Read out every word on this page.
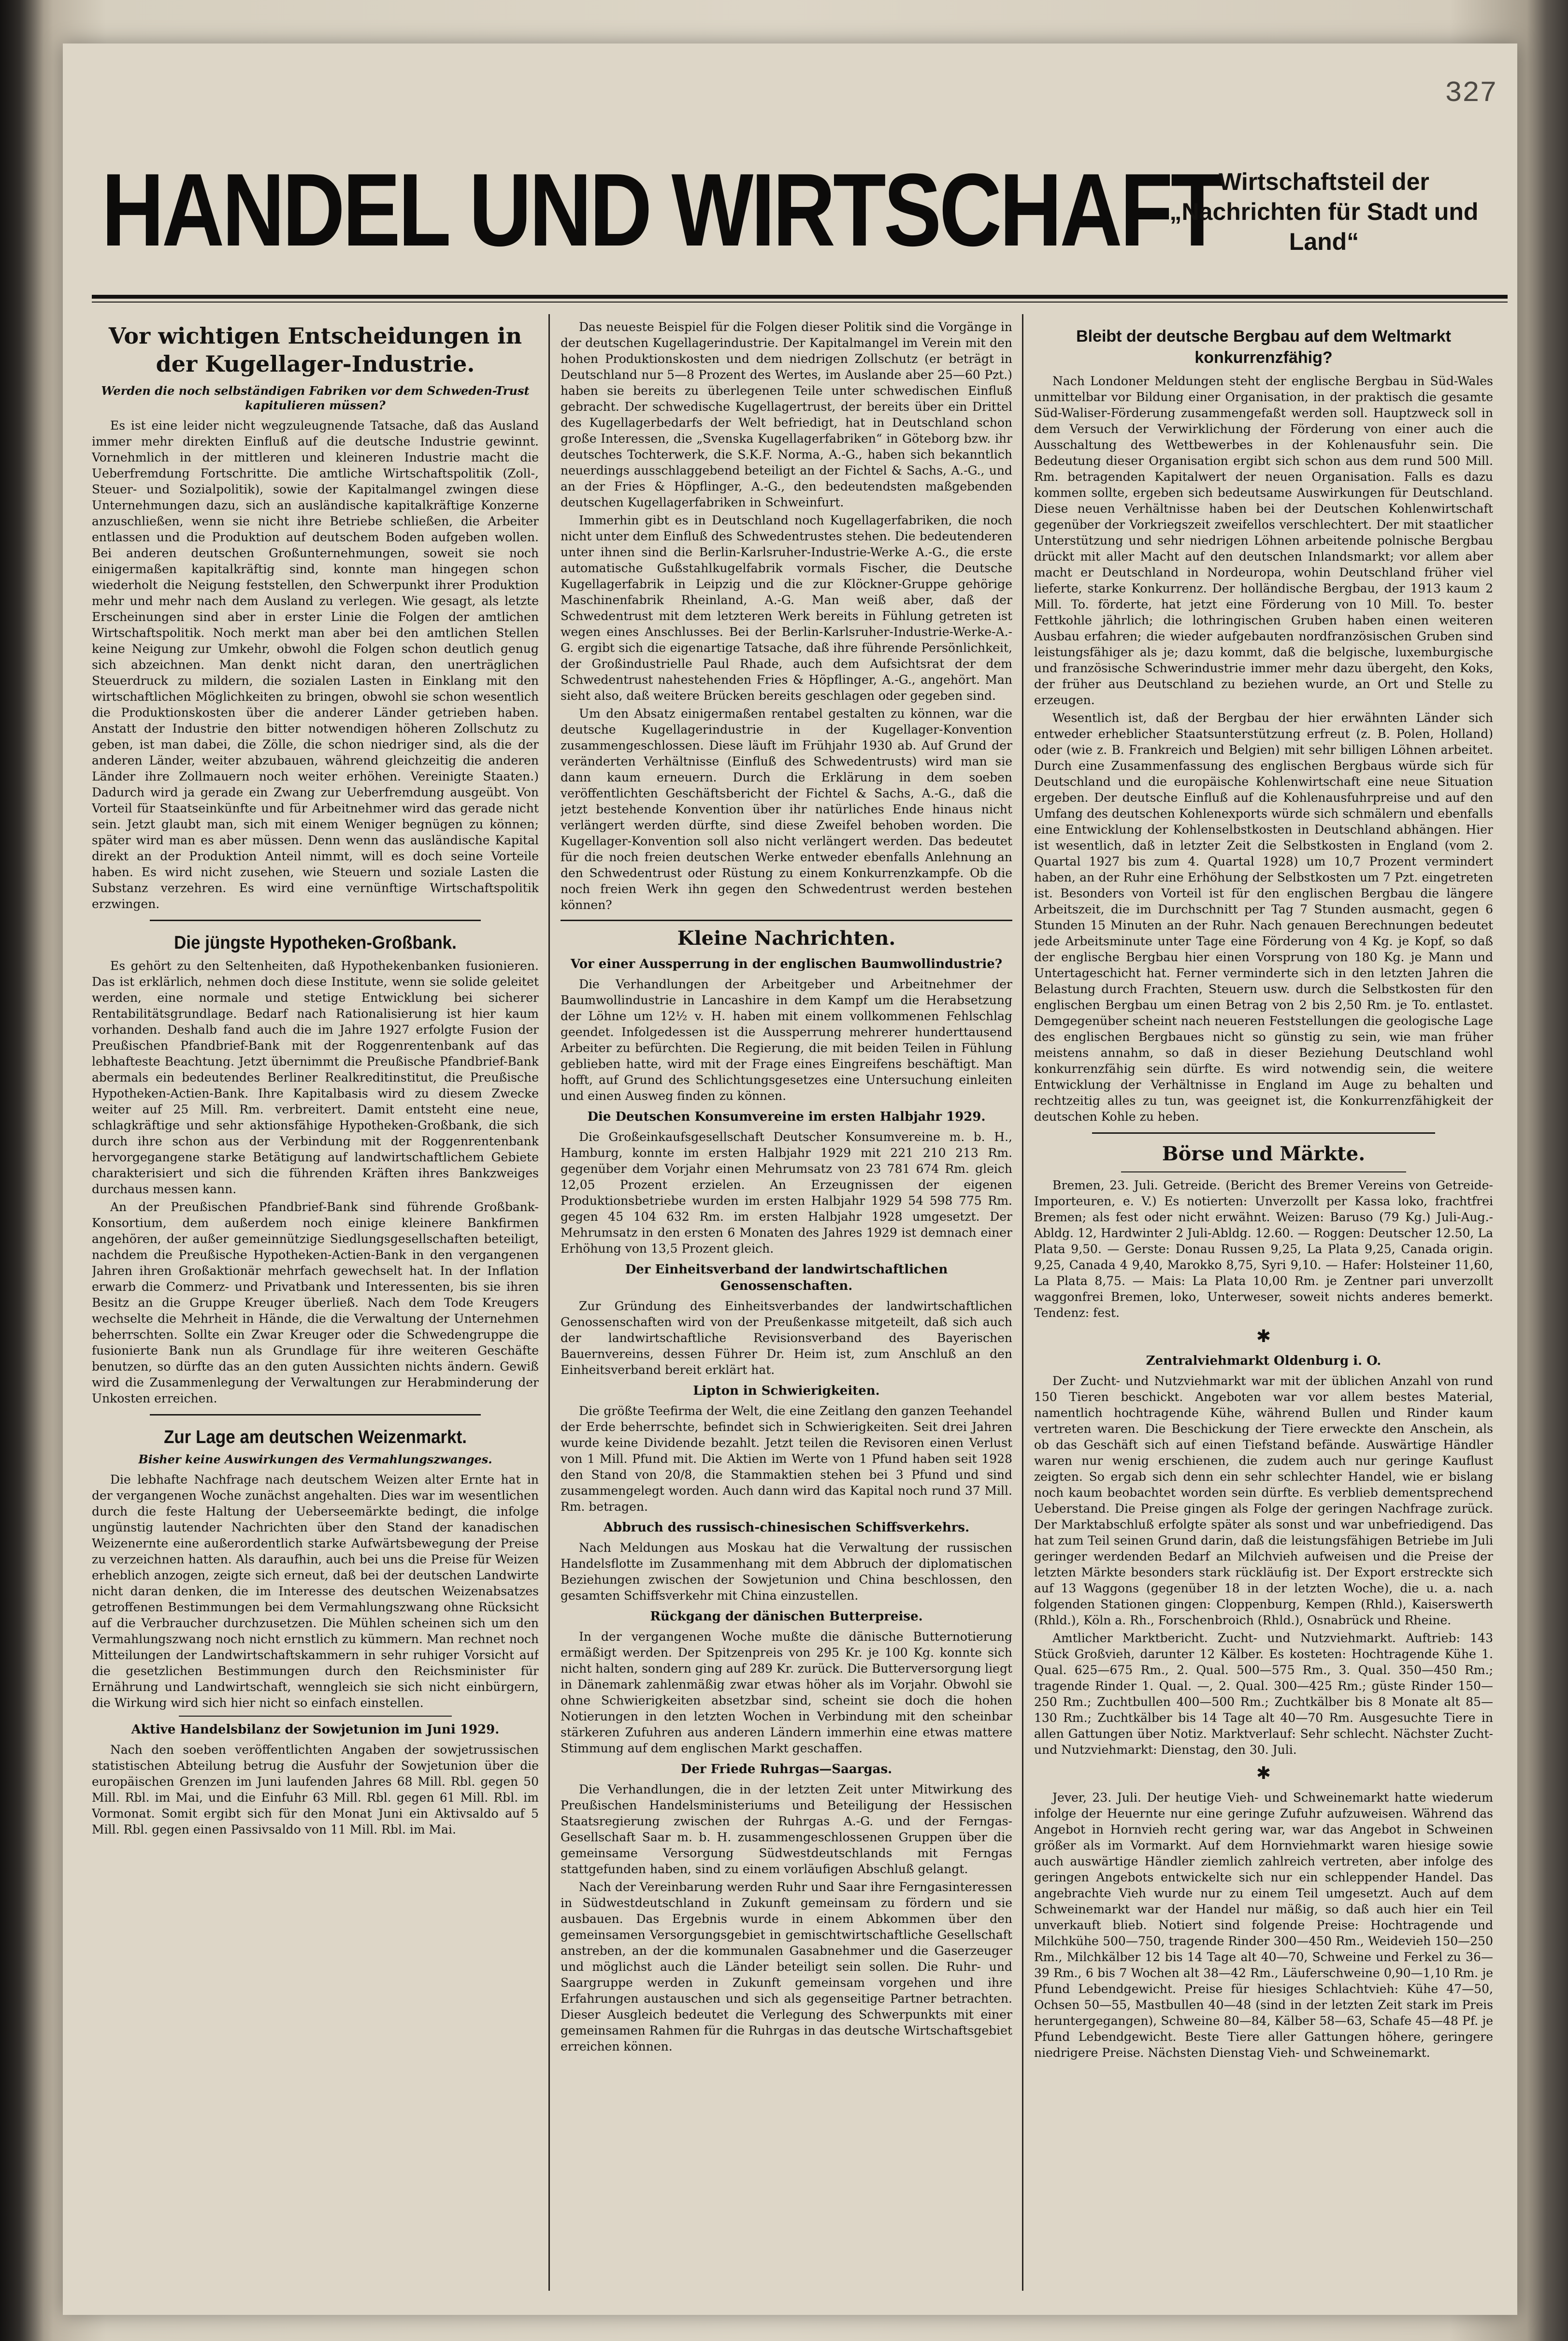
327
HANDEL UND WIRTSCHAFT
Wirtschaftsteil der
„Nachrichten für Stadt und Land“
Vor wichtigen Entscheidungen in der Kugellager-Industrie.
Werden die noch selbständigen Fabriken vor dem Schweden-Trust kapitulieren müssen?

Es ist eine leider nicht wegzuleugnende Tatsache, daß das Ausland immer mehr direkten Einfluß auf die deutsche Industrie gewinnt. Vornehmlich in der mittleren und kleineren Industrie macht die Ueberfremdung Fortschritte. Die amtliche Wirtschaftspolitik (Zoll-, Steuer- und Sozialpolitik), sowie der Kapitalmangel zwingen diese Unternehmungen dazu, sich an ausländische kapitalkräftige Konzerne anzuschließen, wenn sie nicht ihre Betriebe schließen, die Arbeiter entlassen und die Produktion auf deutschem Boden aufgeben wollen. Bei anderen deutschen Großunternehmungen, soweit sie noch einigermaßen kapitalkräftig sind, konnte man hingegen schon wiederholt die Neigung feststellen, den Schwerpunkt ihrer Produktion mehr und mehr nach dem Ausland zu verlegen. Wie gesagt, als letzte Erscheinungen sind aber in erster Linie die Folgen der amtlichen Wirtschaftspolitik. Noch merkt man aber bei den amtlichen Stellen keine Neigung zur Umkehr, obwohl die Folgen schon deutlich genug sich abzeichnen. Man denkt nicht daran, den unerträglichen Steuerdruck zu mildern, die sozialen Lasten in Einklang mit den wirtschaftlichen Möglichkeiten zu bringen, obwohl sie schon wesentlich die Produktionskosten über die anderer Länder getrieben haben. Anstatt der Industrie den bitter notwendigen höheren Zollschutz zu geben, ist man dabei, die Zölle, die schon niedriger sind, als die der anderen Länder, weiter abzubauen, während gleichzeitig die anderen Länder ihre Zollmauern noch weiter erhöhen. Vereinigte Staaten.) Dadurch wird ja gerade ein Zwang zur Ueberfremdung ausgeübt. Von Vorteil für Staatseinkünfte und für Arbeitnehmer wird das gerade nicht sein. Jetzt glaubt man, sich mit einem Weniger begnügen zu können; später wird man es aber müssen. Denn wenn das ausländische Kapital direkt an der Produktion Anteil nimmt, will es doch seine Vorteile haben. Es wird nicht zusehen, wie Steuern und soziale Lasten die Substanz verzehren. Es wird eine vernünftige Wirtschaftspolitik erzwingen.

Die jüngste Hypotheken-Großbank.

Es gehört zu den Seltenheiten, daß Hypothekenbanken fusionieren. Das ist erklärlich, nehmen doch diese Institute, wenn sie solide geleitet werden, eine normale und stetige Entwicklung bei sicherer Rentabilitätsgrundlage. Bedarf nach Rationalisierung ist hier kaum vorhanden. Deshalb fand auch die im Jahre 1927 erfolgte Fusion der Preußischen Pfandbrief-Bank mit der Roggenrentenbank auf das lebhafteste Beachtung. Jetzt übernimmt die Preußische Pfandbrief-Bank abermals ein bedeutendes Berliner Realkreditinstitut, die Preußische Hypotheken-Actien-Bank. Ihre Kapitalbasis wird zu diesem Zwecke weiter auf 25 Mill. Rm. verbreitert. Damit entsteht eine neue, schlagkräftige und sehr aktionsfähige Hypotheken-Großbank, die sich durch ihre schon aus der Verbindung mit der Roggenrentenbank hervorgegangene starke Betätigung auf landwirtschaftlichem Gebiete charakterisiert und sich die führenden Kräften ihres Bankzweiges durchaus messen kann.

An der Preußischen Pfandbrief-Bank sind führende Großbank-Konsortium, dem außerdem noch einige kleinere Bankfirmen angehören, der außer gemeinnützige Siedlungsgesellschaften beteiligt, nachdem die Preußische Hypotheken-Actien-Bank in den vergangenen Jahren ihren Großaktionär mehrfach gewechselt hat. In der Inflation erwarb die Commerz- und Privatbank und Interessenten, bis sie ihren Besitz an die Gruppe Kreuger überließ. Nach dem Tode Kreugers wechselte die Mehrheit in Hände, die die Verwaltung der Unternehmen beherrschten. Sollte ein Zwar Kreuger oder die Schwedengruppe die fusionierte Bank nun als Grundlage für ihre weiteren Geschäfte benutzen, so dürfte das an den guten Aussichten nichts ändern. Gewiß wird die Zusammenlegung der Verwaltungen zur Herabminderung der Unkosten erreichen.

Zur Lage am deutschen Weizenmarkt.
Bisher keine Auswirkungen des Vermahlungszwanges.

Die lebhafte Nachfrage nach deutschem Weizen alter Ernte hat in der vergangenen Woche zunächst angehalten. Dies war im wesentlichen durch die feste Haltung der Ueberseemärkte bedingt, die infolge ungünstig lautender Nachrichten über den Stand der kanadischen Weizenernte eine außerordentlich starke Aufwärtsbewegung der Preise zu verzeichnen hatten. Als daraufhin, auch bei uns die Preise für Weizen erheblich anzogen, zeigte sich erneut, daß bei der deutschen Landwirte nicht daran denken, die im Interesse des deutschen Weizenabsatzes getroffenen Bestimmungen bei dem Vermahlungszwang ohne Rücksicht auf die Verbraucher durchzusetzen. Die Mühlen scheinen sich um den Vermahlungszwang noch nicht ernstlich zu kümmern. Man rechnet noch Mitteilungen der Landwirtschaftskammern in sehr ruhiger Vorsicht auf die gesetzlichen Bestimmungen durch den Reichsminister für Ernährung und Landwirtschaft, wenngleich sie sich nicht einbürgern, die Wirkung wird sich hier nicht so einfach einstellen.

Aktive Handelsbilanz der Sowjetunion im Juni 1929.

Nach den soeben veröffentlichten Angaben der sowjetrussischen statistischen Abteilung betrug die Ausfuhr der Sowjetunion über die europäischen Grenzen im Juni laufenden Jahres 68 Mill. Rbl. gegen 50 Mill. Rbl. im Mai, und die Einfuhr 63 Mill. Rbl. gegen 61 Mill. Rbl. im Vormonat. Somit ergibt sich für den Monat Juni ein Aktivsaldo auf 5 Mill. Rbl. gegen einen Passivsaldo von 11 Mill. Rbl. im Mai.

Das neueste Beispiel für die Folgen dieser Politik sind die Vorgänge in der deutschen Kugellagerindustrie. Der Kapitalmangel im Verein mit den hohen Produktionskosten und dem niedrigen Zollschutz (er beträgt in Deutschland nur 5—8 Prozent des Wertes, im Auslande aber 25—60 Pzt.) haben sie bereits zu überlegenen Teile unter schwedischen Einfluß gebracht. Der schwedische Kugellagertrust, der bereits über ein Drittel des Kugellagerbedarfs der Welt befriedigt, hat in Deutschland schon große Interessen, die „Svenska Kugellagerfabriken“ in Göteborg bzw. ihr deutsches Tochterwerk, die S.K.F. Norma, A.-G., haben sich bekanntlich neuerdings ausschlaggebend beteiligt an der Fichtel & Sachs, A.-G., und an der Fries & Höpflinger, A.-G., den bedeutendsten maßgebenden deutschen Kugellagerfabriken in Schweinfurt.

Immerhin gibt es in Deutschland noch Kugellagerfabriken, die noch nicht unter dem Einfluß des Schwedentrustes stehen. Die bedeutenderen unter ihnen sind die Berlin-Karlsruher-Industrie-Werke A.-G., die erste automatische Gußstahlkugelfabrik vormals Fischer, die Deutsche Kugellagerfabrik in Leipzig und die zur Klöckner-Gruppe gehörige Maschinenfabrik Rheinland, A.-G. Man weiß aber, daß der Schwedentrust mit dem letzteren Werk bereits in Fühlung getreten ist wegen eines Anschlusses. Bei der Berlin-Karlsruher-Industrie-Werke-A.-G. ergibt sich die eigenartige Tatsache, daß ihre führende Persönlichkeit, der Großindustrielle Paul Rhade, auch dem Aufsichtsrat der dem Schwedentrust nahestehenden Fries & Höpflinger, A.-G., angehört. Man sieht also, daß weitere Brücken bereits geschlagen oder gegeben sind.

Um den Absatz einigermaßen rentabel gestalten zu können, war die deutsche Kugellagerindustrie in der Kugellager-Konvention zusammengeschlossen. Diese läuft im Frühjahr 1930 ab. Auf Grund der veränderten Verhältnisse (Einfluß des Schwedentrusts) wird man sie dann kaum erneuern. Durch die Erklärung in dem soeben veröffentlichten Geschäftsbericht der Fichtel & Sachs, A.-G., daß die jetzt bestehende Konvention über ihr natürliches Ende hinaus nicht verlängert werden dürfte, sind diese Zweifel behoben worden. Die Kugellager-Konvention soll also nicht verlängert werden. Das bedeutet für die noch freien deutschen Werke entweder ebenfalls Anlehnung an den Schwedentrust oder Rüstung zu einem Konkurrenzkampfe. Ob die noch freien Werk ihn gegen den Schwedentrust werden bestehen können?

Kleine Nachrichten.
Vor einer Aussperrung in der englischen Baumwollindustrie?

Die Verhandlungen der Arbeitgeber und Arbeitnehmer der Baumwollindustrie in Lancashire in dem Kampf um die Herabsetzung der Löhne um 12½ v. H. haben mit einem vollkommenen Fehlschlag geendet. Infolgedessen ist die Aussperrung mehrerer hunderttausend Arbeiter zu befürchten. Die Regierung, die mit beiden Teilen in Fühlung geblieben hatte, wird mit der Frage eines Eingreifens beschäftigt. Man hofft, auf Grund des Schlichtungsgesetzes eine Untersuchung einleiten und einen Ausweg finden zu können.

Die Deutschen Konsumvereine im ersten Halbjahr 1929.

Die Großeinkaufsgesellschaft Deutscher Konsumvereine m. b. H., Hamburg, konnte im ersten Halbjahr 1929 mit 221 210 213 Rm. gegenüber dem Vorjahr einen Mehrumsatz von 23 781 674 Rm. gleich 12,05 Prozent erzielen. An Erzeugnissen der eigenen Produktionsbetriebe wurden im ersten Halbjahr 1929 54 598 775 Rm. gegen 45 104 632 Rm. im ersten Halbjahr 1928 umgesetzt. Der Mehrumsatz in den ersten 6 Monaten des Jahres 1929 ist demnach einer Erhöhung von 13,5 Prozent gleich.

Der Einheitsverband der landwirtschaftlichen Genossenschaften.

Zur Gründung des Einheitsverbandes der landwirtschaftlichen Genossenschaften wird von der Preußenkasse mitgeteilt, daß sich auch der landwirtschaftliche Revisionsverband des Bayerischen Bauernvereins, dessen Führer Dr. Heim ist, zum Anschluß an den Einheitsverband bereit erklärt hat.

Lipton in Schwierigkeiten.

Die größte Teefirma der Welt, die eine Zeitlang den ganzen Teehandel der Erde beherrschte, befindet sich in Schwierigkeiten. Seit drei Jahren wurde keine Dividende bezahlt. Jetzt teilen die Revisoren einen Verlust von 1 Mill. Pfund mit. Die Aktien im Werte von 1 Pfund haben seit 1928 den Stand von 20/8, die Stammaktien stehen bei 3 Pfund und sind zusammengelegt worden. Auch dann wird das Kapital noch rund 37 Mill. Rm. betragen.

Abbruch des russisch-chinesischen Schiffsverkehrs.

Nach Meldungen aus Moskau hat die Verwaltung der russischen Handelsflotte im Zusammenhang mit dem Abbruch der diplomatischen Beziehungen zwischen der Sowjetunion und China beschlossen, den gesamten Schiffsverkehr mit China einzustellen.

Rückgang der dänischen Butterpreise.

In der vergangenen Woche mußte die dänische Butternotierung ermäßigt werden. Der Spitzenpreis von 295 Kr. je 100 Kg. konnte sich nicht halten, sondern ging auf 289 Kr. zurück. Die Butterversorgung liegt in Dänemark zahlenmäßig zwar etwas höher als im Vorjahr. Obwohl sie ohne Schwierigkeiten absetzbar sind, scheint sie doch die hohen Notierungen in den letzten Wochen in Verbindung mit den scheinbar stärkeren Zufuhren aus anderen Ländern immerhin eine etwas mattere Stimmung auf dem englischen Markt geschaffen.

Der Friede Ruhrgas—Saargas.

Die Verhandlungen, die in der letzten Zeit unter Mitwirkung des Preußischen Handelsministeriums und Beteiligung der Hessischen Staatsregierung zwischen der Ruhrgas A.-G. und der Ferngas-Gesellschaft Saar m. b. H. zusammengeschlossenen Gruppen über die gemeinsame Versorgung Südwestdeutschlands mit Ferngas stattgefunden haben, sind zu einem vorläufigen Abschluß gelangt.

Nach der Vereinbarung werden Ruhr und Saar ihre Ferngasinteressen in Südwestdeutschland in Zukunft gemeinsam zu fördern und sie ausbauen. Das Ergebnis wurde in einem Abkommen über den gemeinsamen Versorgungsgebiet in gemischtwirtschaftliche Gesellschaft anstreben, an der die kommunalen Gasabnehmer und die Gaserzeuger und möglichst auch die Länder beteiligt sein sollen. Die Ruhr- und Saargruppe werden in Zukunft gemeinsam vorgehen und ihre Erfahrungen austauschen und sich als gegenseitige Partner betrachten. Dieser Ausgleich bedeutet die Verlegung des Schwerpunkts mit einer gemeinsamen Rahmen für die Ruhrgas in das deutsche Wirtschaftsgebiet erreichen können.

Bleibt der deutsche Bergbau auf dem Weltmarkt konkurrenzfähig?

Nach Londoner Meldungen steht der englische Bergbau in Süd-Wales unmittelbar vor Bildung einer Organisation, in der praktisch die gesamte Süd-Waliser-Förderung zusammengefaßt werden soll. Hauptzweck soll in dem Versuch der Verwirklichung der Förderung von einer auch die Ausschaltung des Wettbewerbes in der Kohlenausfuhr sein. Die Bedeutung dieser Organisation ergibt sich schon aus dem rund 500 Mill. Rm. betragenden Kapitalwert der neuen Organisation. Falls es dazu kommen sollte, ergeben sich bedeutsame Auswirkungen für Deutschland. Diese neuen Verhältnisse haben bei der Deutschen Kohlenwirtschaft gegenüber der Vorkriegszeit zweifellos verschlechtert. Der mit staatlicher Unterstützung und sehr niedrigen Löhnen arbeitende polnische Bergbau drückt mit aller Macht auf den deutschen Inlandsmarkt; vor allem aber macht er Deutschland in Nordeuropa, wohin Deutschland früher viel lieferte, starke Konkurrenz. Der holländische Bergbau, der 1913 kaum 2 Mill. To. förderte, hat jetzt eine Förderung von 10 Mill. To. bester Fettkohle jährlich; die lothringischen Gruben haben einen weiteren Ausbau erfahren; die wieder aufgebauten nordfranzösischen Gruben sind leistungsfähiger als je; dazu kommt, daß die belgische, luxemburgische und französische Schwerindustrie immer mehr dazu übergeht, den Koks, der früher aus Deutschland zu beziehen wurde, an Ort und Stelle zu erzeugen.

Wesentlich ist, daß der Bergbau der hier erwähnten Länder sich entweder erheblicher Staatsunterstützung erfreut (z. B. Polen, Holland) oder (wie z. B. Frankreich und Belgien) mit sehr billigen Löhnen arbeitet. Durch eine Zusammenfassung des englischen Bergbaus würde sich für Deutschland und die europäische Kohlenwirtschaft eine neue Situation ergeben. Der deutsche Einfluß auf die Kohlenausfuhrpreise und auf den Umfang des deutschen Kohlenexports würde sich schmälern und ebenfalls eine Entwicklung der Kohlenselbstkosten in Deutschland abhängen. Hier ist wesentlich, daß in letzter Zeit die Selbstkosten in England (vom 2. Quartal 1927 bis zum 4. Quartal 1928) um 10,7 Prozent vermindert haben, an der Ruhr eine Erhöhung der Selbstkosten um 7 Pzt. eingetreten ist. Besonders von Vorteil ist für den englischen Bergbau die längere Arbeitszeit, die im Durchschnitt per Tag 7 Stunden ausmacht, gegen 6 Stunden 15 Minuten an der Ruhr. Nach genauen Berechnungen bedeutet jede Arbeitsminute unter Tage eine Förderung von 4 Kg. je Kopf, so daß der englische Bergbau hier einen Vorsprung von 180 Kg. je Mann und Untertageschicht hat. Ferner verminderte sich in den letzten Jahren die Belastung durch Frachten, Steuern usw. durch die Selbstkosten für den englischen Bergbau um einen Betrag von 2 bis 2,50 Rm. je To. entlastet. Demgegenüber scheint nach neueren Feststellungen die geologische Lage des englischen Bergbaues nicht so günstig zu sein, wie man früher meistens annahm, so daß in dieser Beziehung Deutschland wohl konkurrenzfähig sein dürfte. Es wird notwendig sein, die weitere Entwicklung der Verhältnisse in England im Auge zu behalten und rechtzeitig alles zu tun, was geeignet ist, die Konkurrenzfähigkeit der deutschen Kohle zu heben.

Börse und Märkte.

Bremen, 23. Juli. Getreide. (Bericht des Bremer Vereins von Getreide-Importeuren, e. V.) Es notierten: Unverzollt per Kassa loko, frachtfrei Bremen; als fest oder nicht erwähnt. Weizen: Baruso (79 Kg.) Juli-Aug.-Abldg. 12, Hardwinter 2 Juli-Abldg. 12.60. — Roggen: Deutscher 12.50, La Plata 9,50. — Gerste: Donau Russen 9,25, La Plata 9,25, Canada origin. 9,25, Canada 4 9,40, Marokko 8,75, Syri 9,10. — Hafer: Holsteiner 11,60, La Plata 8,75. — Mais: La Plata 10,00 Rm. je Zentner pari unverzollt waggonfrei Bremen, loko, Unterweser, soweit nichts anderes bemerkt. Tendenz: fest.

✱
Zentralviehmarkt Oldenburg i. O.

Der Zucht- und Nutzviehmarkt war mit der üblichen Anzahl von rund 150 Tieren beschickt. Angeboten war vor allem bestes Material, namentlich hochtragende Kühe, während Bullen und Rinder kaum vertreten waren. Die Beschickung der Tiere erweckte den Anschein, als ob das Geschäft sich auf einen Tiefstand befände. Auswärtige Händler waren nur wenig erschienen, die zudem auch nur geringe Kauflust zeigten. So ergab sich denn ein sehr schlechter Handel, wie er bislang noch kaum beobachtet worden sein dürfte. Es verblieb dementsprechend Ueberstand. Die Preise gingen als Folge der geringen Nachfrage zurück. Der Marktabschluß erfolgte später als sonst und war unbefriedigend. Das hat zum Teil seinen Grund darin, daß die leistungsfähigen Betriebe im Juli geringer werdenden Bedarf an Milchvieh aufweisen und die Preise der letzten Märkte besonders stark rückläufig ist. Der Export erstreckte sich auf 13 Waggons (gegenüber 18 in der letzten Woche), die u. a. nach folgenden Stationen gingen: Cloppenburg, Kempen (Rhld.), Kaiserswerth (Rhld.), Köln a. Rh., Forschenbroich (Rhld.), Osnabrück und Rheine.

Amtlicher Marktbericht. Zucht- und Nutzviehmarkt. Auftrieb: 143 Stück Großvieh, darunter 12 Kälber. Es kosteten: Hochtragende Kühe 1. Qual. 625—675 Rm., 2. Qual. 500—575 Rm., 3. Qual. 350—450 Rm.; tragende Rinder 1. Qual. —, 2. Qual. 300—425 Rm.; güste Rinder 150—250 Rm.; Zuchtbullen 400—500 Rm.; Zuchtkälber bis 8 Monate alt 85—130 Rm.; Zuchtkälber bis 14 Tage alt 40—70 Rm. Ausgesuchte Tiere in allen Gattungen über Notiz. Marktverlauf: Sehr schlecht. Nächster Zucht- und Nutzviehmarkt: Dienstag, den 30. Juli.

✱

Jever, 23. Juli. Der heutige Vieh- und Schweinemarkt hatte wiederum infolge der Heuernte nur eine geringe Zufuhr aufzuweisen. Während das Angebot in Hornvieh recht gering war, war das Angebot in Schweinen größer als im Vormarkt. Auf dem Hornviehmarkt waren hiesige sowie auch auswärtige Händler ziemlich zahlreich vertreten, aber infolge des geringen Angebots entwickelte sich nur ein schleppender Handel. Das angebrachte Vieh wurde nur zu einem Teil umgesetzt. Auch auf dem Schweinemarkt war der Handel nur mäßig, so daß auch hier ein Teil unverkauft blieb. Notiert sind folgende Preise: Hochtragende und Milchkühe 500—750, tragende Rinder 300—450 Rm., Weidevieh 150—250 Rm., Milchkälber 12 bis 14 Tage alt 40—70, Schweine und Ferkel zu 36—39 Rm., 6 bis 7 Wochen alt 38—42 Rm., Läuferschweine 0,90—1,10 Rm. je Pfund Lebendgewicht. Preise für hiesiges Schlachtvieh: Kühe 47—50, Ochsen 50—55, Mastbullen 40—48 (sind in der letzten Zeit stark im Preis heruntergegangen), Schweine 80—84, Kälber 58—63, Schafe 45—48 Pf. je Pfund Lebendgewicht. Beste Tiere aller Gattungen höhere, geringere niedrigere Preise. Nächsten Dienstag Vieh- und Schweinemarkt.
